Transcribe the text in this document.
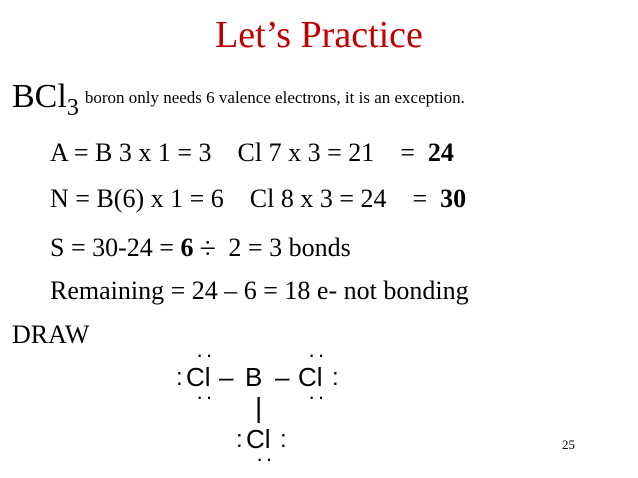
Let’s Practice
BCl$_3$ boron only needs 6 valence electrons, it is an exception.
A = B 3 x 1 = 3    Cl 7 x 3 = 21    =  24
N = B(6) x 1 = 6    Cl 8 x 3 = 24    =  30
S = 30-24 = 6 ÷ 2 = 3 bonds
Remaining = 24 – 6 = 18 e- not bonding
DRAW
:
··
Cl
··
– B –
··
Cl
··
:
|
: Cl :
··
25
